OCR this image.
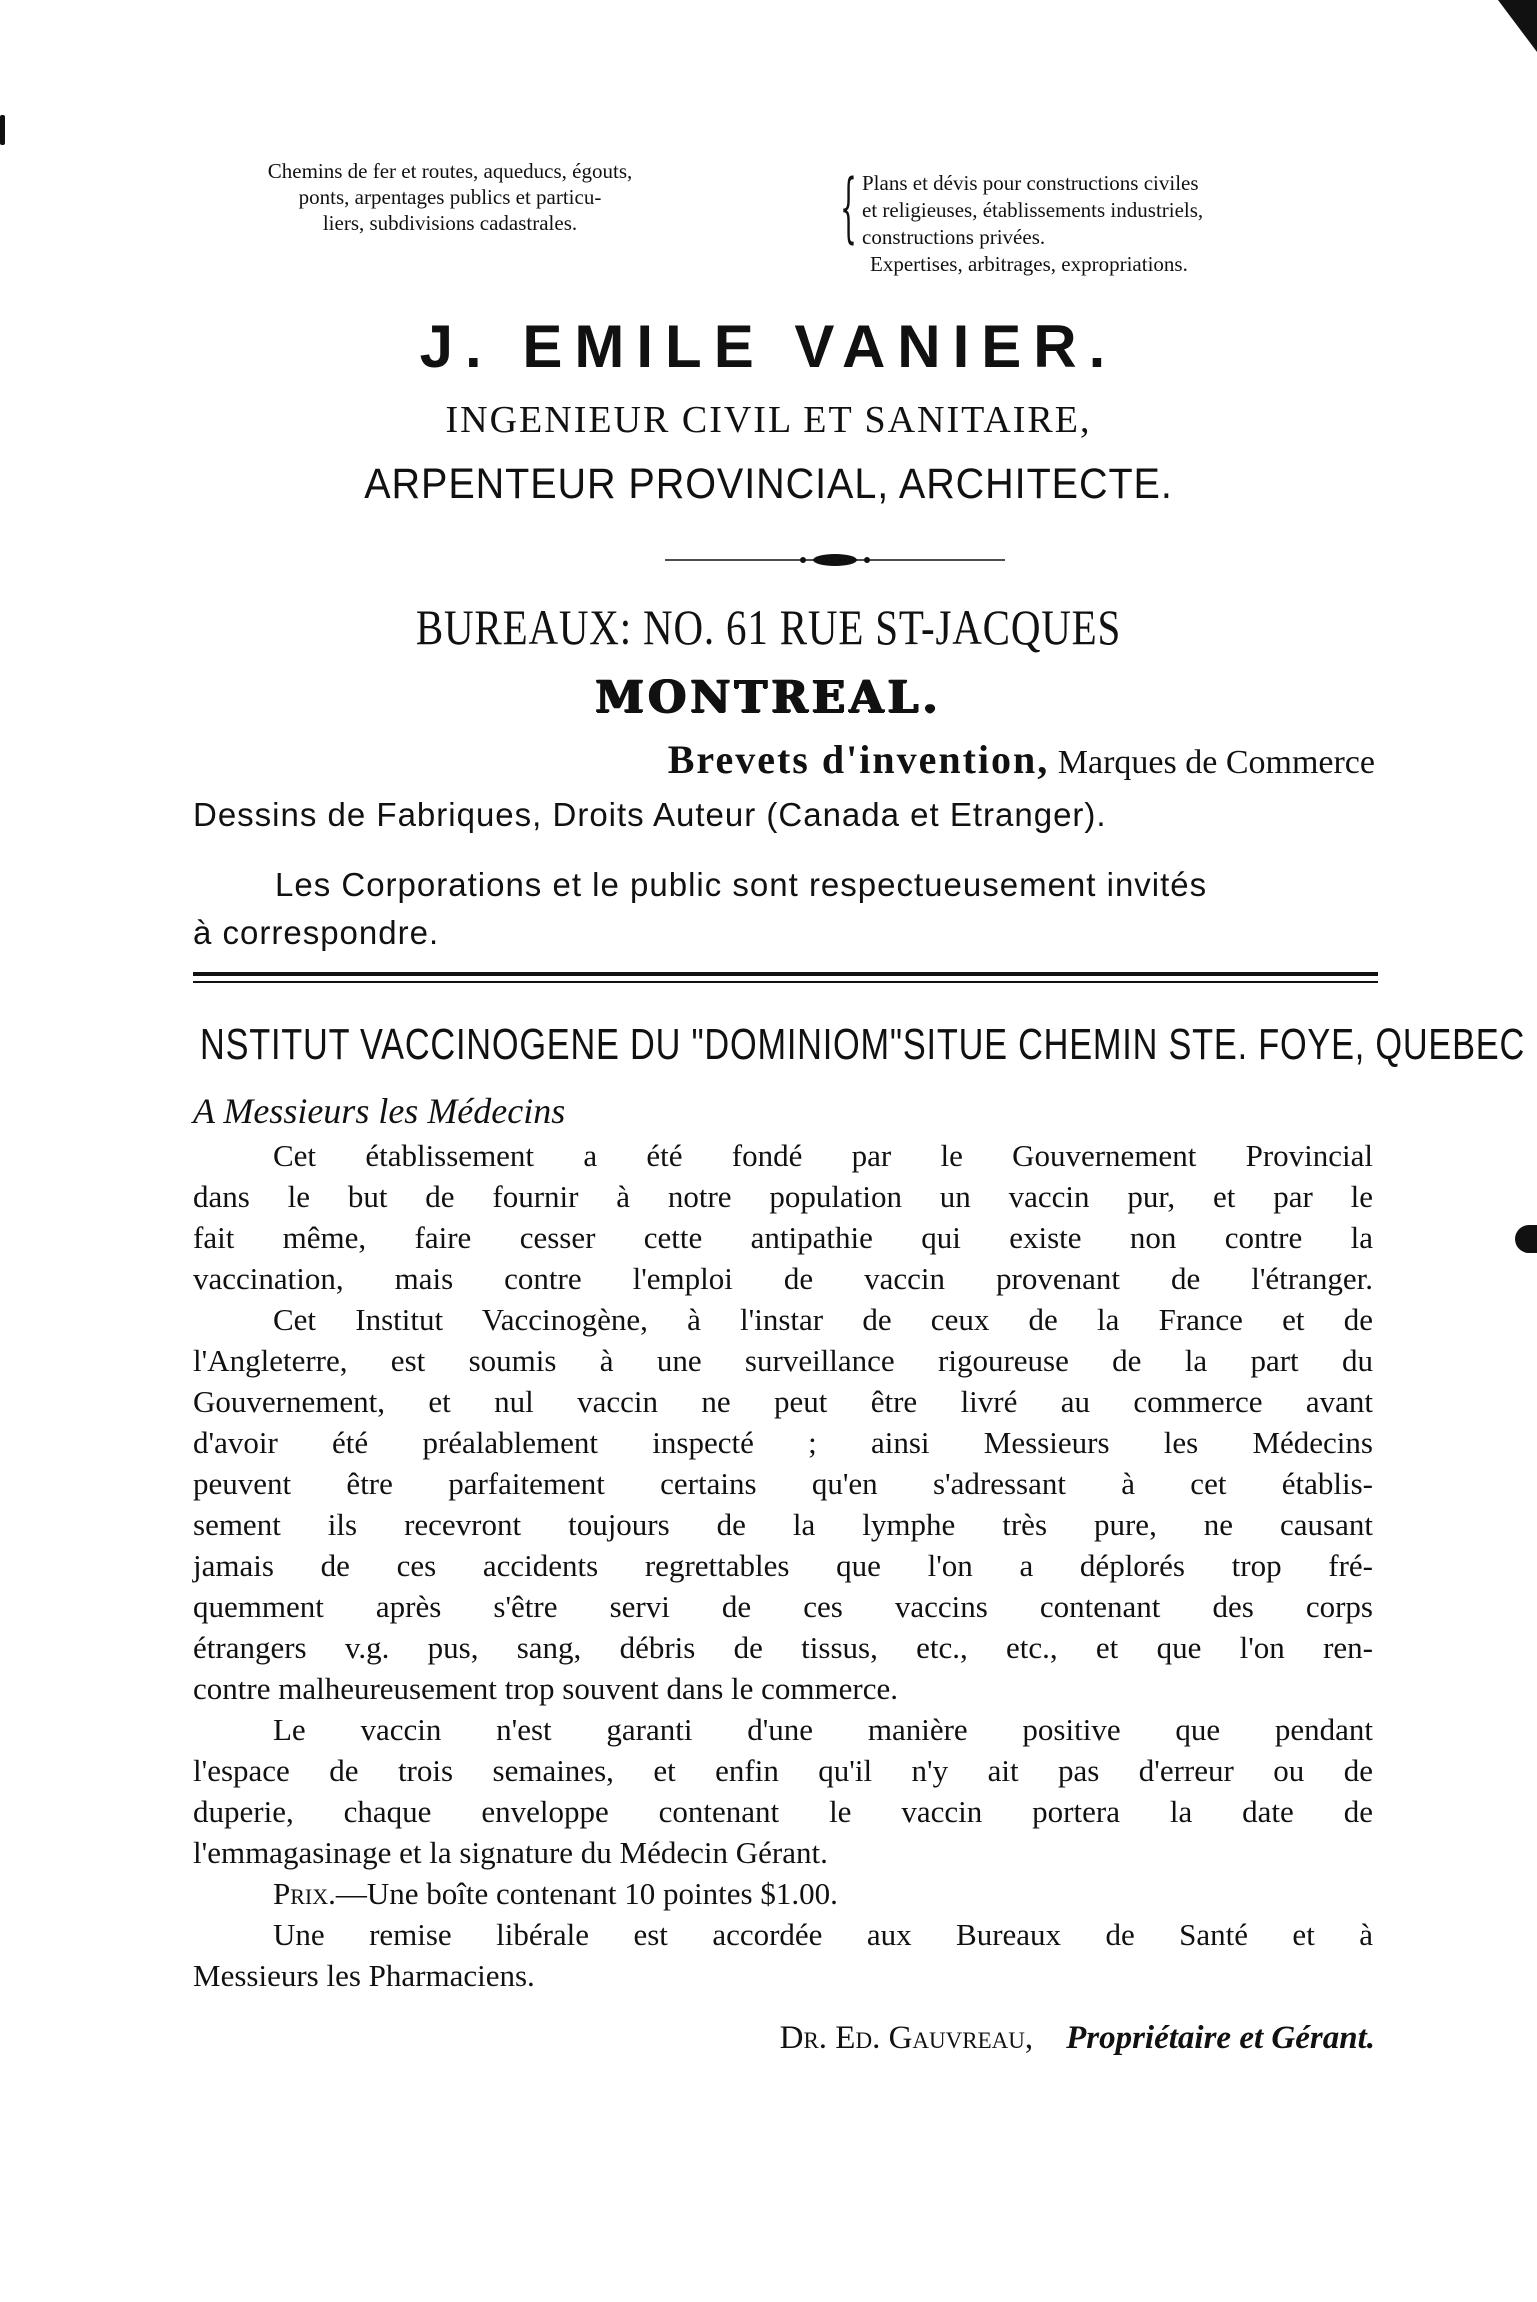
Chemins de fer et routes, aqueducs, égouts,
ponts, arpentages publics et particu-
liers, subdivisions cadastrales.	{ Plans et dévis pour constructions civiles
et religieuses, établissements industriels,
constructions privées.
Expertises, arbitrages, expropriations.
J. EMILE VANIER.
INGENIEUR CIVIL ET SANITAIRE,
ARPENTEUR PROVINCIAL, ARCHITECTE.
BUREAUX: NO. 61 RUE ST-JACQUES
MONTREAL.
Brevets d'invention, Marques de Commerce
Dessins de Fabriques, Droits Auteur (Canada et Etranger).
Les Corporations et le public sont respectueusement invités
à correspondre.
NSTITUT VACCINOGENE DU "DOMINIOM"SITUE CHEMIN STE. FOYE, QUEBEC
A Messieurs les Médecins
Cet établissement a été fondé par le Gouvernement Provincial
dans le but de fournir à notre population un vaccin pur, et par le
fait même, faire cesser cette antipathie qui existe non contre la
vaccination, mais contre l'emploi de vaccin provenant de l'étranger.
Cet Institut Vaccinogène, à l'instar de ceux de la France et de
l'Angleterre, est soumis à une surveillance rigoureuse de la part du
Gouvernement, et nul vaccin ne peut être livré au commerce avant
d'avoir été préalablement inspecté ; ainsi Messieurs les Médecins
peuvent être parfaitement certains qu'en s'adressant à cet établis-
sement ils recevront toujours de la lymphe très pure, ne causant
jamais de ces accidents regrettables que l'on a déplorés trop fré-
quemment après s'être servi de ces vaccins contenant des corps
étrangers v.g. pus, sang, débris de tissus, etc., etc., et que l'on ren-
contre malheureusement trop souvent dans le commerce.
Le vaccin n'est garanti d'une manière positive que pendant
l'espace de trois semaines, et enfin qu'il n'y ait pas d'erreur ou de
duperie, chaque enveloppe contenant le vaccin portera la date de
l'emmagasinage et la signature du Médecin Gérant.
Prix.—Une boîte contenant 10 pointes $1.00.
Une remise libérale est accordée aux Bureaux de Santé et à
Messieurs les Pharmaciens.
Dr. Ed. Gauvreau, Propriétaire et Gérant.
